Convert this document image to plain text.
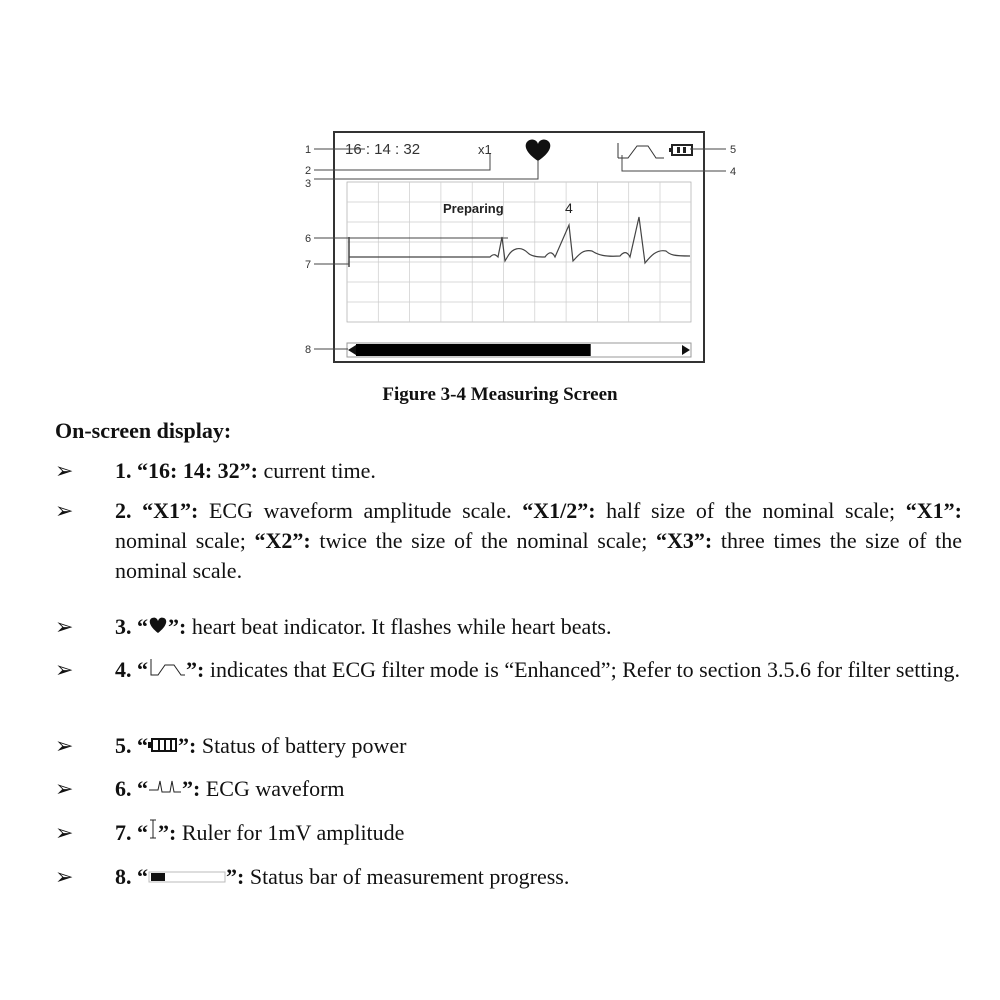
16 : 14 : 32	x1
Preparing	4
1
2
3
4
5
6
7
8
Figure 3-4 Measuring Screen
On-screen display:
➢ 1. “16: 14: 32”: current time.
➢ 2. “X1”: ECG waveform amplitude scale. “X1/2”: half size of the nominal scale; “X1”: nominal scale; “X2”: twice the size of the nominal scale; “X3”: three times the size of the nominal scale.
➢ 3. “ ”: heart beat indicator. It flashes while heart beats.
➢ 4. “ ”: indicates that ECG filter mode is “Enhanced”; Refer to section 3.5.6 for filter setting.
➢ 5. “ ”: Status of battery power
➢ 6. “ ”: ECG waveform
➢ 7. “ ”: Ruler for 1mV amplitude
➢ 8. “	”: Status bar of measurement progress.
